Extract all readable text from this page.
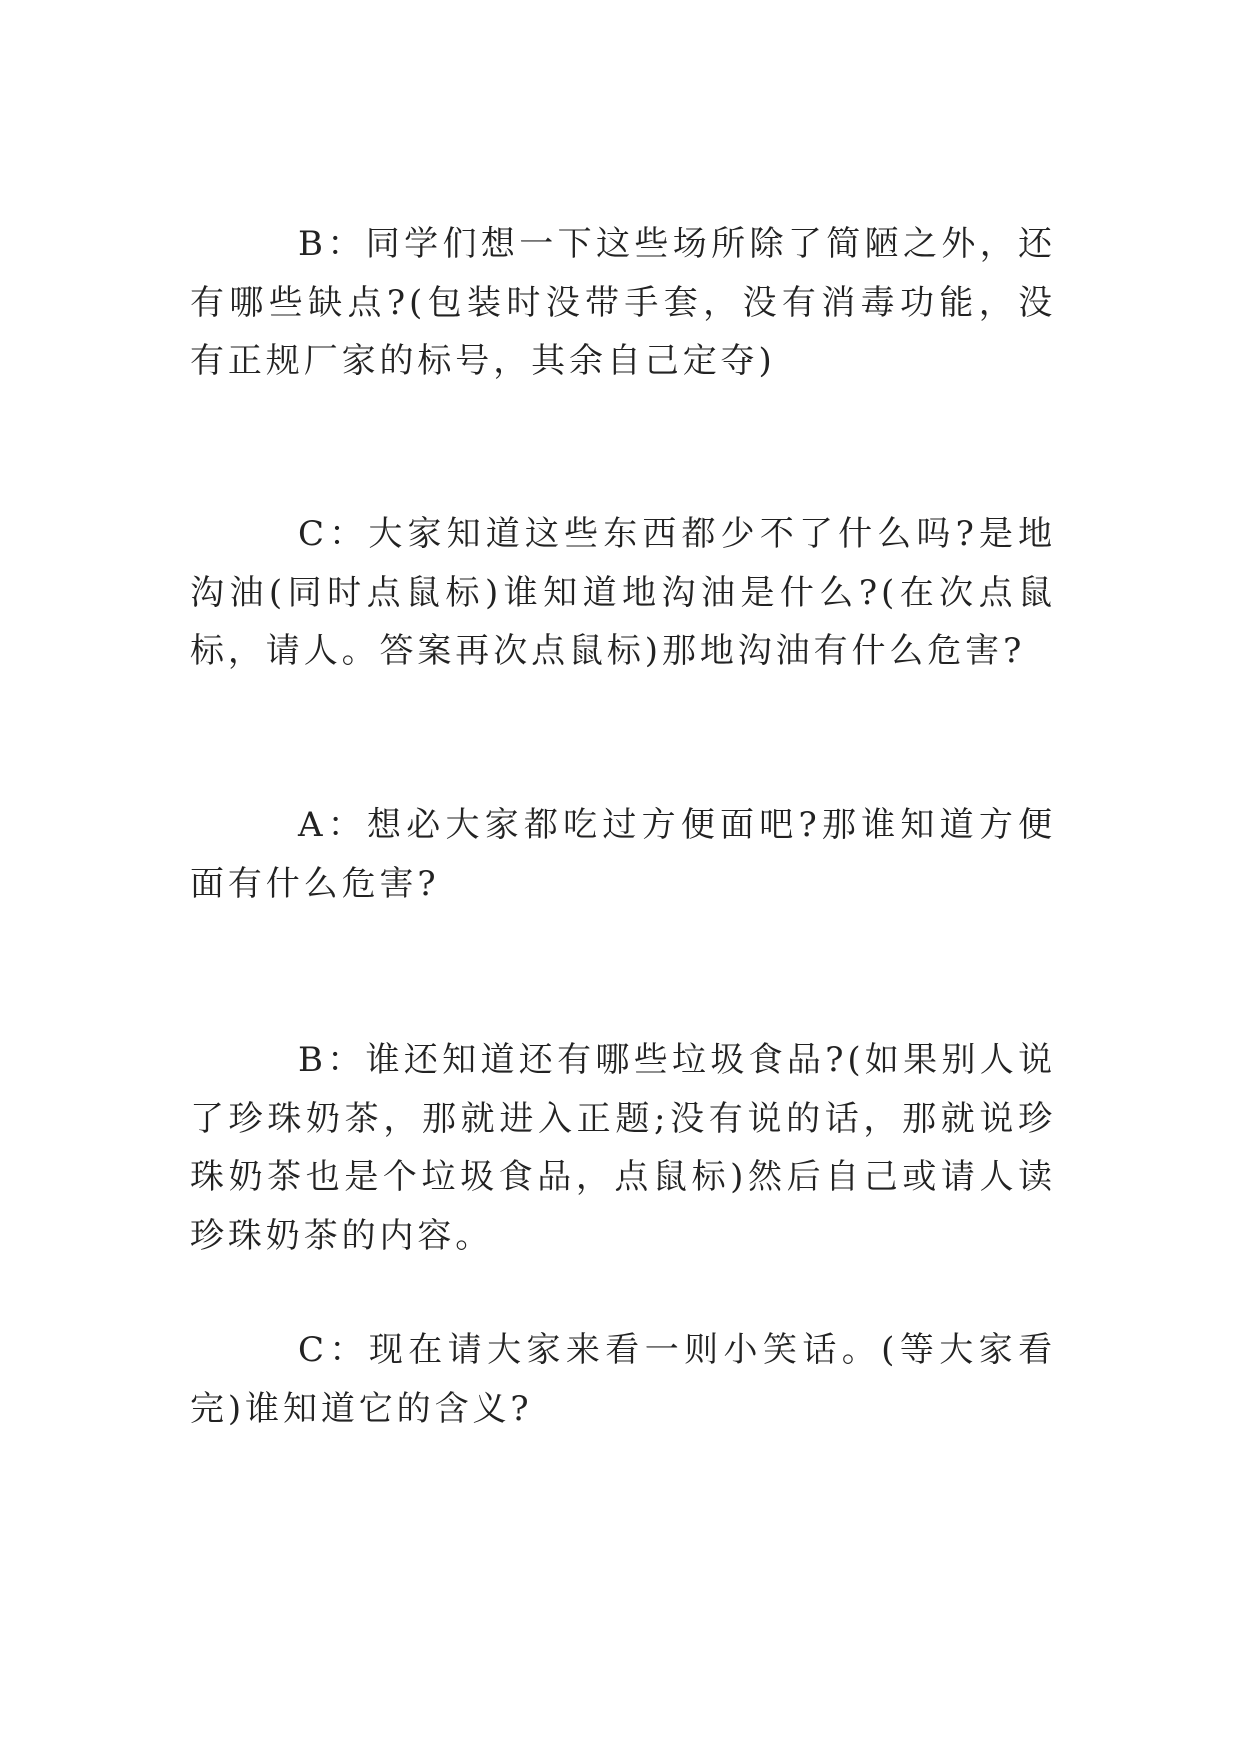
B：同学们想一下这些场所除了简陋之外，还有哪些缺点?(包装时没带手套，没有消毒功能，没有正规厂家的标号，其余自己定夺)

C：大家知道这些东西都少不了什么吗?是地沟油(同时点鼠标)谁知道地沟油是什么?(在次点鼠标，请人。答案再次点鼠标)那地沟油有什么危害?

A：想必大家都吃过方便面吧?那谁知道方便面有什么危害?

B：谁还知道还有哪些垃圾食品?(如果别人说了珍珠奶茶，那就进入正题;没有说的话，那就说珍珠奶茶也是个垃圾食品，点鼠标)然后自己或请人读珍珠奶茶的内容。

C：现在请大家来看一则小笑话。(等大家看完)谁知道它的含义?
